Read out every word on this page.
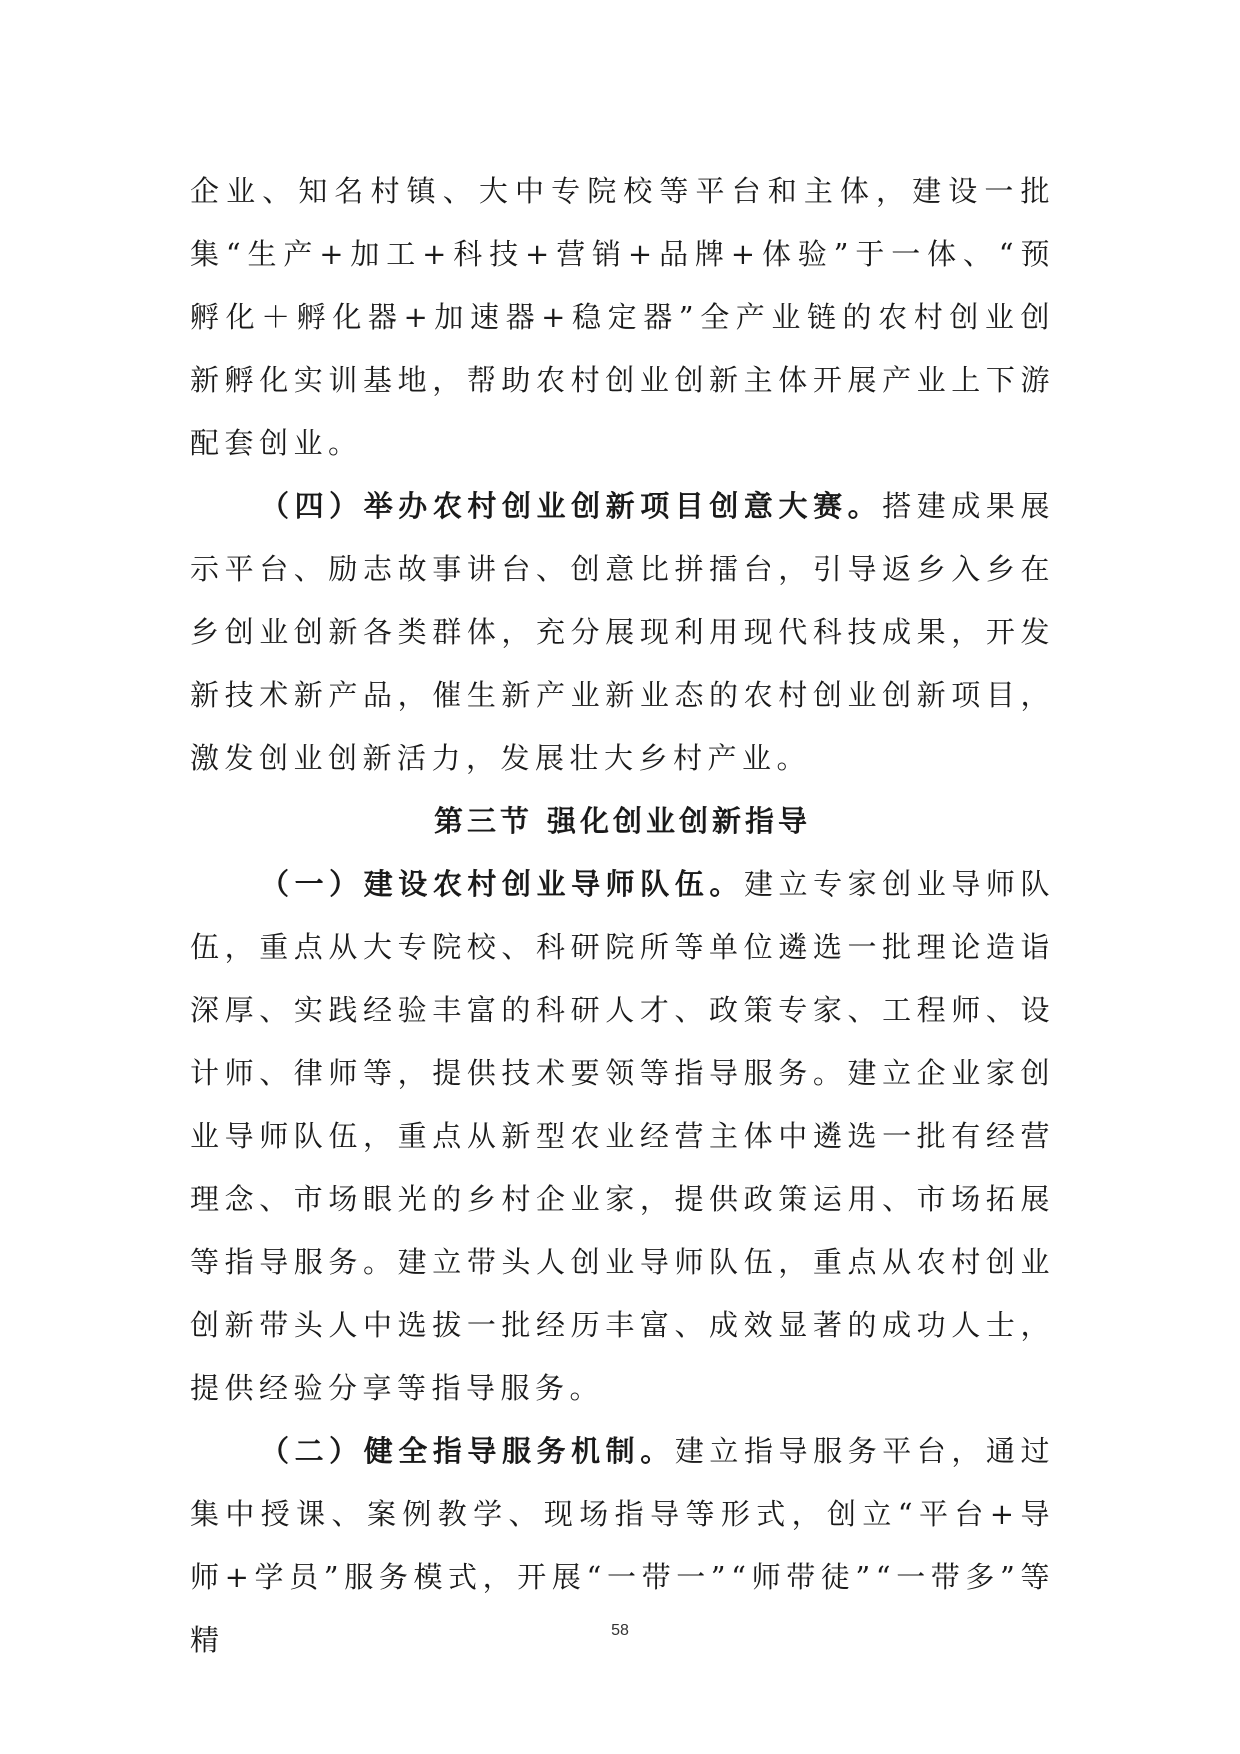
企业、知名村镇、大中专院校等平台和主体，建设一批集“生产+加工+科技+营销+品牌+体验”于一体、“预孵化＋孵化器+加速器+稳定器”全产业链的农村创业创新孵化实训基地，帮助农村创业创新主体开展产业上下游配套创业。

（四）举办农村创业创新项目创意大赛。搭建成果展示平台、励志故事讲台、创意比拼擂台，引导返乡入乡在乡创业创新各类群体，充分展现利用现代科技成果，开发新技术新产品，催生新产业新业态的农村创业创新项目，激发创业创新活力，发展壮大乡村产业。

第三节 强化创业创新指导

（一）建设农村创业导师队伍。建立专家创业导师队伍，重点从大专院校、科研院所等单位遴选一批理论造诣深厚、实践经验丰富的科研人才、政策专家、工程师、设计师、律师等，提供技术要领等指导服务。建立企业家创业导师队伍，重点从新型农业经营主体中遴选一批有经营理念、市场眼光的乡村企业家，提供政策运用、市场拓展等指导服务。建立带头人创业导师队伍，重点从农村创业创新带头人中选拔一批经历丰富、成效显著的成功人士，提供经验分享等指导服务。

（二）健全指导服务机制。建立指导服务平台，通过集中授课、案例教学、现场指导等形式，创立“平台+导师+学员”服务模式，开展“一带一”“师带徒”“一带多”等精	58
